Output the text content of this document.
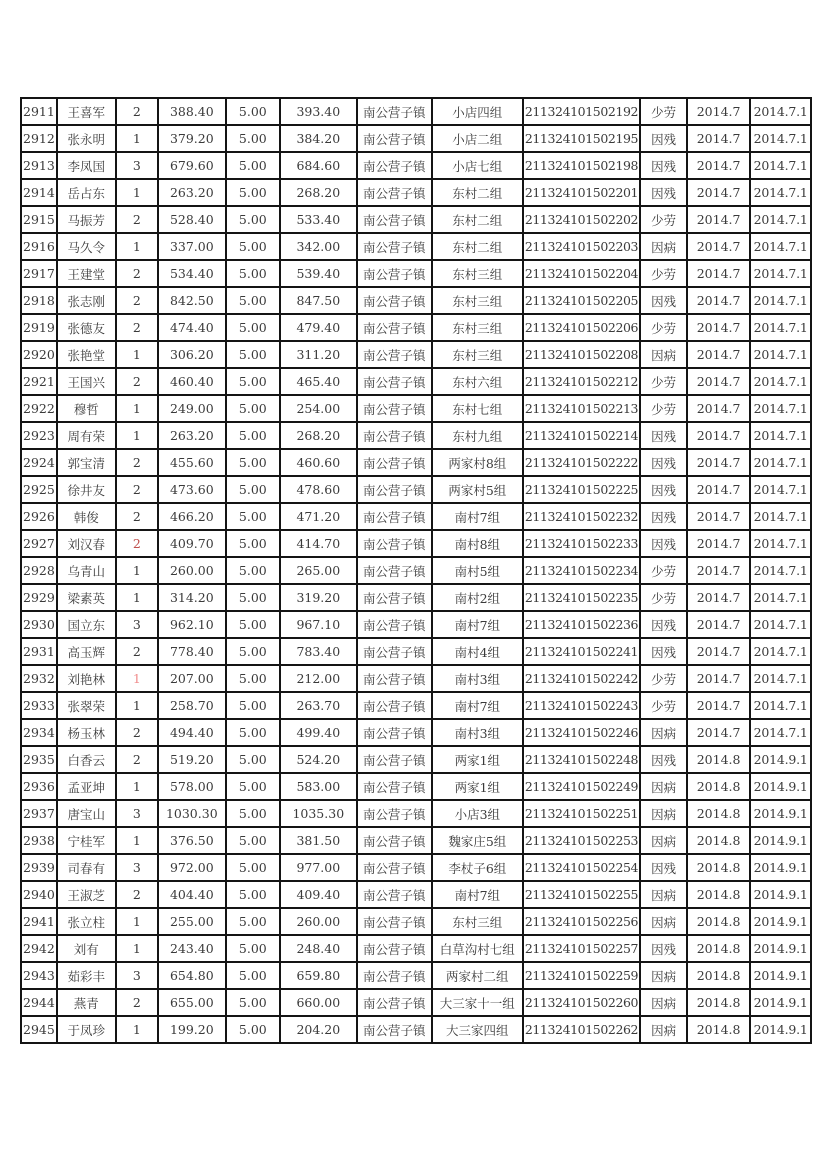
2911	王喜军	2	388.40	5.00	393.40	南公营子镇	小店四组	211324101502192	少劳	2014.7	2014.7.1
2912	张永明	1	379.20	5.00	384.20	南公营子镇	小店二组	211324101502195	因残	2014.7	2014.7.1
2913	李凤国	3	679.60	5.00	684.60	南公营子镇	小店七组	211324101502198	因残	2014.7	2014.7.1
2914	岳占东	1	263.20	5.00	268.20	南公营子镇	东村二组	211324101502201	因残	2014.7	2014.7.1
2915	马振芳	2	528.40	5.00	533.40	南公营子镇	东村二组	211324101502202	少劳	2014.7	2014.7.1
2916	马久令	1	337.00	5.00	342.00	南公营子镇	东村二组	211324101502203	因病	2014.7	2014.7.1
2917	王建堂	2	534.40	5.00	539.40	南公营子镇	东村三组	211324101502204	少劳	2014.7	2014.7.1
2918	张志刚	2	842.50	5.00	847.50	南公营子镇	东村三组	211324101502205	因残	2014.7	2014.7.1
2919	张德友	2	474.40	5.00	479.40	南公营子镇	东村三组	211324101502206	少劳	2014.7	2014.7.1
2920	张艳堂	1	306.20	5.00	311.20	南公营子镇	东村三组	211324101502208	因病	2014.7	2014.7.1
2921	王国兴	2	460.40	5.00	465.40	南公营子镇	东村六组	211324101502212	少劳	2014.7	2014.7.1
2922	穆哲	1	249.00	5.00	254.00	南公营子镇	东村七组	211324101502213	少劳	2014.7	2014.7.1
2923	周有荣	1	263.20	5.00	268.20	南公营子镇	东村九组	211324101502214	因残	2014.7	2014.7.1
2924	郭宝清	2	455.60	5.00	460.60	南公营子镇	两家村8组	211324101502222	因残	2014.7	2014.7.1
2925	徐井友	2	473.60	5.00	478.60	南公营子镇	两家村5组	211324101502225	因残	2014.7	2014.7.1
2926	韩俊	2	466.20	5.00	471.20	南公营子镇	南村7组	211324101502232	因残	2014.7	2014.7.1
2927	刘汉春	2	409.70	5.00	414.70	南公营子镇	南村8组	211324101502233	因残	2014.7	2014.7.1
2928	乌青山	1	260.00	5.00	265.00	南公营子镇	南村5组	211324101502234	少劳	2014.7	2014.7.1
2929	梁素英	1	314.20	5.00	319.20	南公营子镇	南村2组	211324101502235	少劳	2014.7	2014.7.1
2930	国立东	3	962.10	5.00	967.10	南公营子镇	南村7组	211324101502236	因残	2014.7	2014.7.1
2931	高玉辉	2	778.40	5.00	783.40	南公营子镇	南村4组	211324101502241	因残	2014.7	2014.7.1
2932	刘艳林	1	207.00	5.00	212.00	南公营子镇	南村3组	211324101502242	少劳	2014.7	2014.7.1
2933	张翠荣	1	258.70	5.00	263.70	南公营子镇	南村7组	211324101502243	少劳	2014.7	2014.7.1
2934	杨玉林	2	494.40	5.00	499.40	南公营子镇	南村3组	211324101502246	因病	2014.7	2014.7.1
2935	白香云	2	519.20	5.00	524.20	南公营子镇	两家1组	211324101502248	因残	2014.8	2014.9.1
2936	孟亚坤	1	578.00	5.00	583.00	南公营子镇	两家1组	211324101502249	因病	2014.8	2014.9.1
2937	唐宝山	3	1030.30	5.00	1035.30	南公营子镇	小店3组	211324101502251	因病	2014.8	2014.9.1
2938	宁桂军	1	376.50	5.00	381.50	南公营子镇	魏家庄5组	211324101502253	因病	2014.8	2014.9.1
2939	司春有	3	972.00	5.00	977.00	南公营子镇	李杖子6组	211324101502254	因残	2014.8	2014.9.1
2940	王淑芝	2	404.40	5.00	409.40	南公营子镇	南村7组	211324101502255	因病	2014.8	2014.9.1
2941	张立柱	1	255.00	5.00	260.00	南公营子镇	东村三组	211324101502256	因病	2014.8	2014.9.1
2942	刘有	1	243.40	5.00	248.40	南公营子镇	白草沟村七组	211324101502257	因残	2014.8	2014.9.1
2943	茹彩丰	3	654.80	5.00	659.80	南公营子镇	两家村二组	211324101502259	因病	2014.8	2014.9.1
2944	燕青	2	655.00	5.00	660.00	南公营子镇	大三家十一组	211324101502260	因病	2014.8	2014.9.1
2945	于凤珍	1	199.20	5.00	204.20	南公营子镇	大三家四组	211324101502262	因病	2014.8	2014.9.1
